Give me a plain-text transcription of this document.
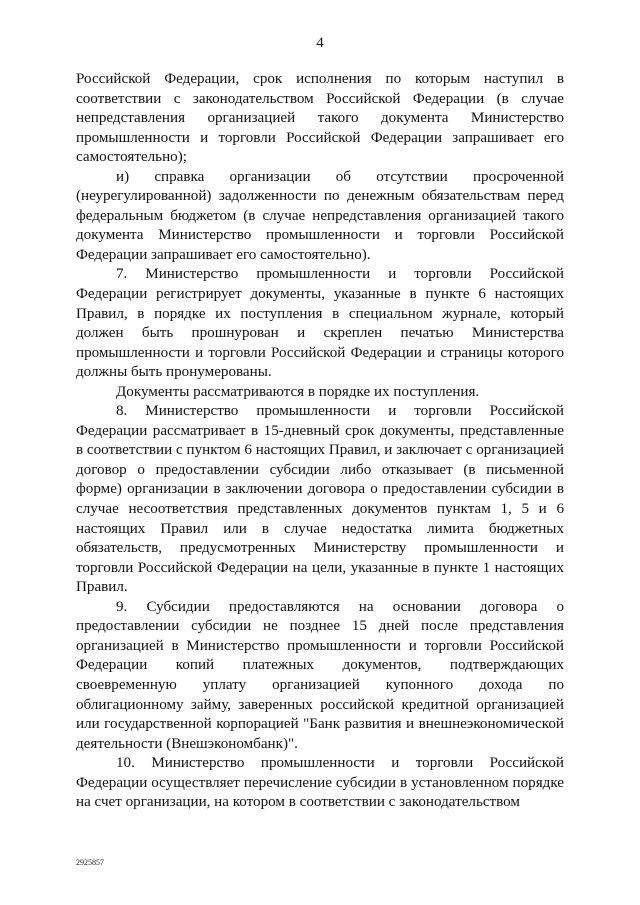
4

Российской Федерации, срок исполнения по которым наступил в соответствии с законодательством Российской Федерации (в случае непредставления организацией такого документа Министерство промышленности и торговли Российской Федерации запрашивает его самостоятельно);

и) справка организации об отсутствии просроченной (неурегулированной) задолженности по денежным обязательствам перед федеральным бюджетом (в случае непредставления организацией такого документа Министерство промышленности и торговли Российской Федерации запрашивает его самостоятельно).

7. Министерство промышленности и торговли Российской Федерации регистрирует документы, указанные в пункте 6 настоящих Правил, в порядке их поступления в специальном журнале, который должен быть прошнурован и скреплен печатью Министерства промышленности и торговли Российской Федерации и страницы которого должны быть пронумерованы.

Документы рассматриваются в порядке их поступления.

8. Министерство промышленности и торговли Российской Федерации рассматривает в 15-дневный срок документы, представленные в соответствии с пунктом 6 настоящих Правил, и заключает с организацией договор о предоставлении субсидии либо отказывает (в письменной форме) организации в заключении договора о предоставлении субсидии в случае несоответствия представленных документов пунктам 1, 5 и 6 настоящих Правил или в случае недостатка лимита бюджетных обязательств, предусмотренных Министерству промышленности и торговли Российской Федерации на цели, указанные в пункте 1 настоящих Правил.

9. Субсидии предоставляются на основании договора о предоставлении субсидии не позднее 15 дней после представления организацией в Министерство промышленности и торговли Российской Федерации копий платежных документов, подтверждающих своевременную уплату организацией купонного дохода по облигационному займу, заверенных российской кредитной организацией или государственной корпорацией "Банк развития и внешнеэкономической деятельности (Внешэкономбанк)".

10. Министерство промышленности и торговли Российской Федерации осуществляет перечисление субсидии в установленном порядке на счет организации, на котором в соответствии с законодательством

2925857
